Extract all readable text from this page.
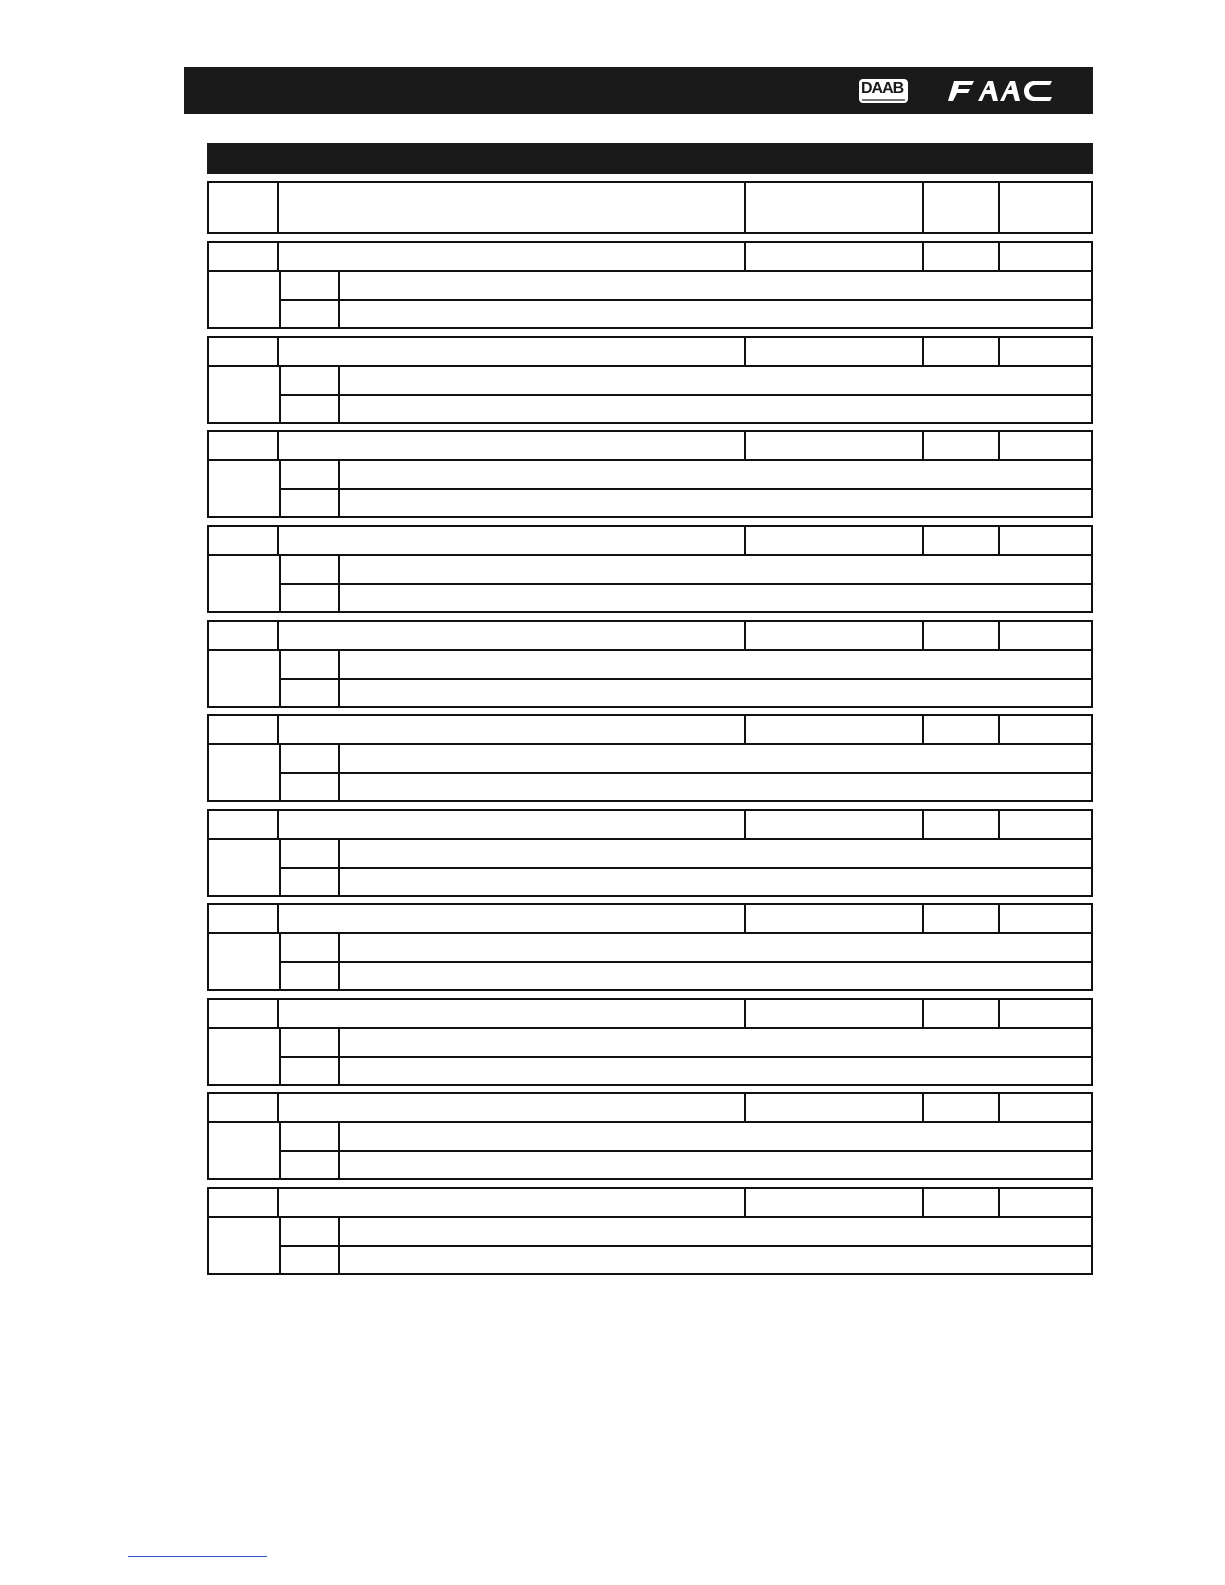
DAAB
